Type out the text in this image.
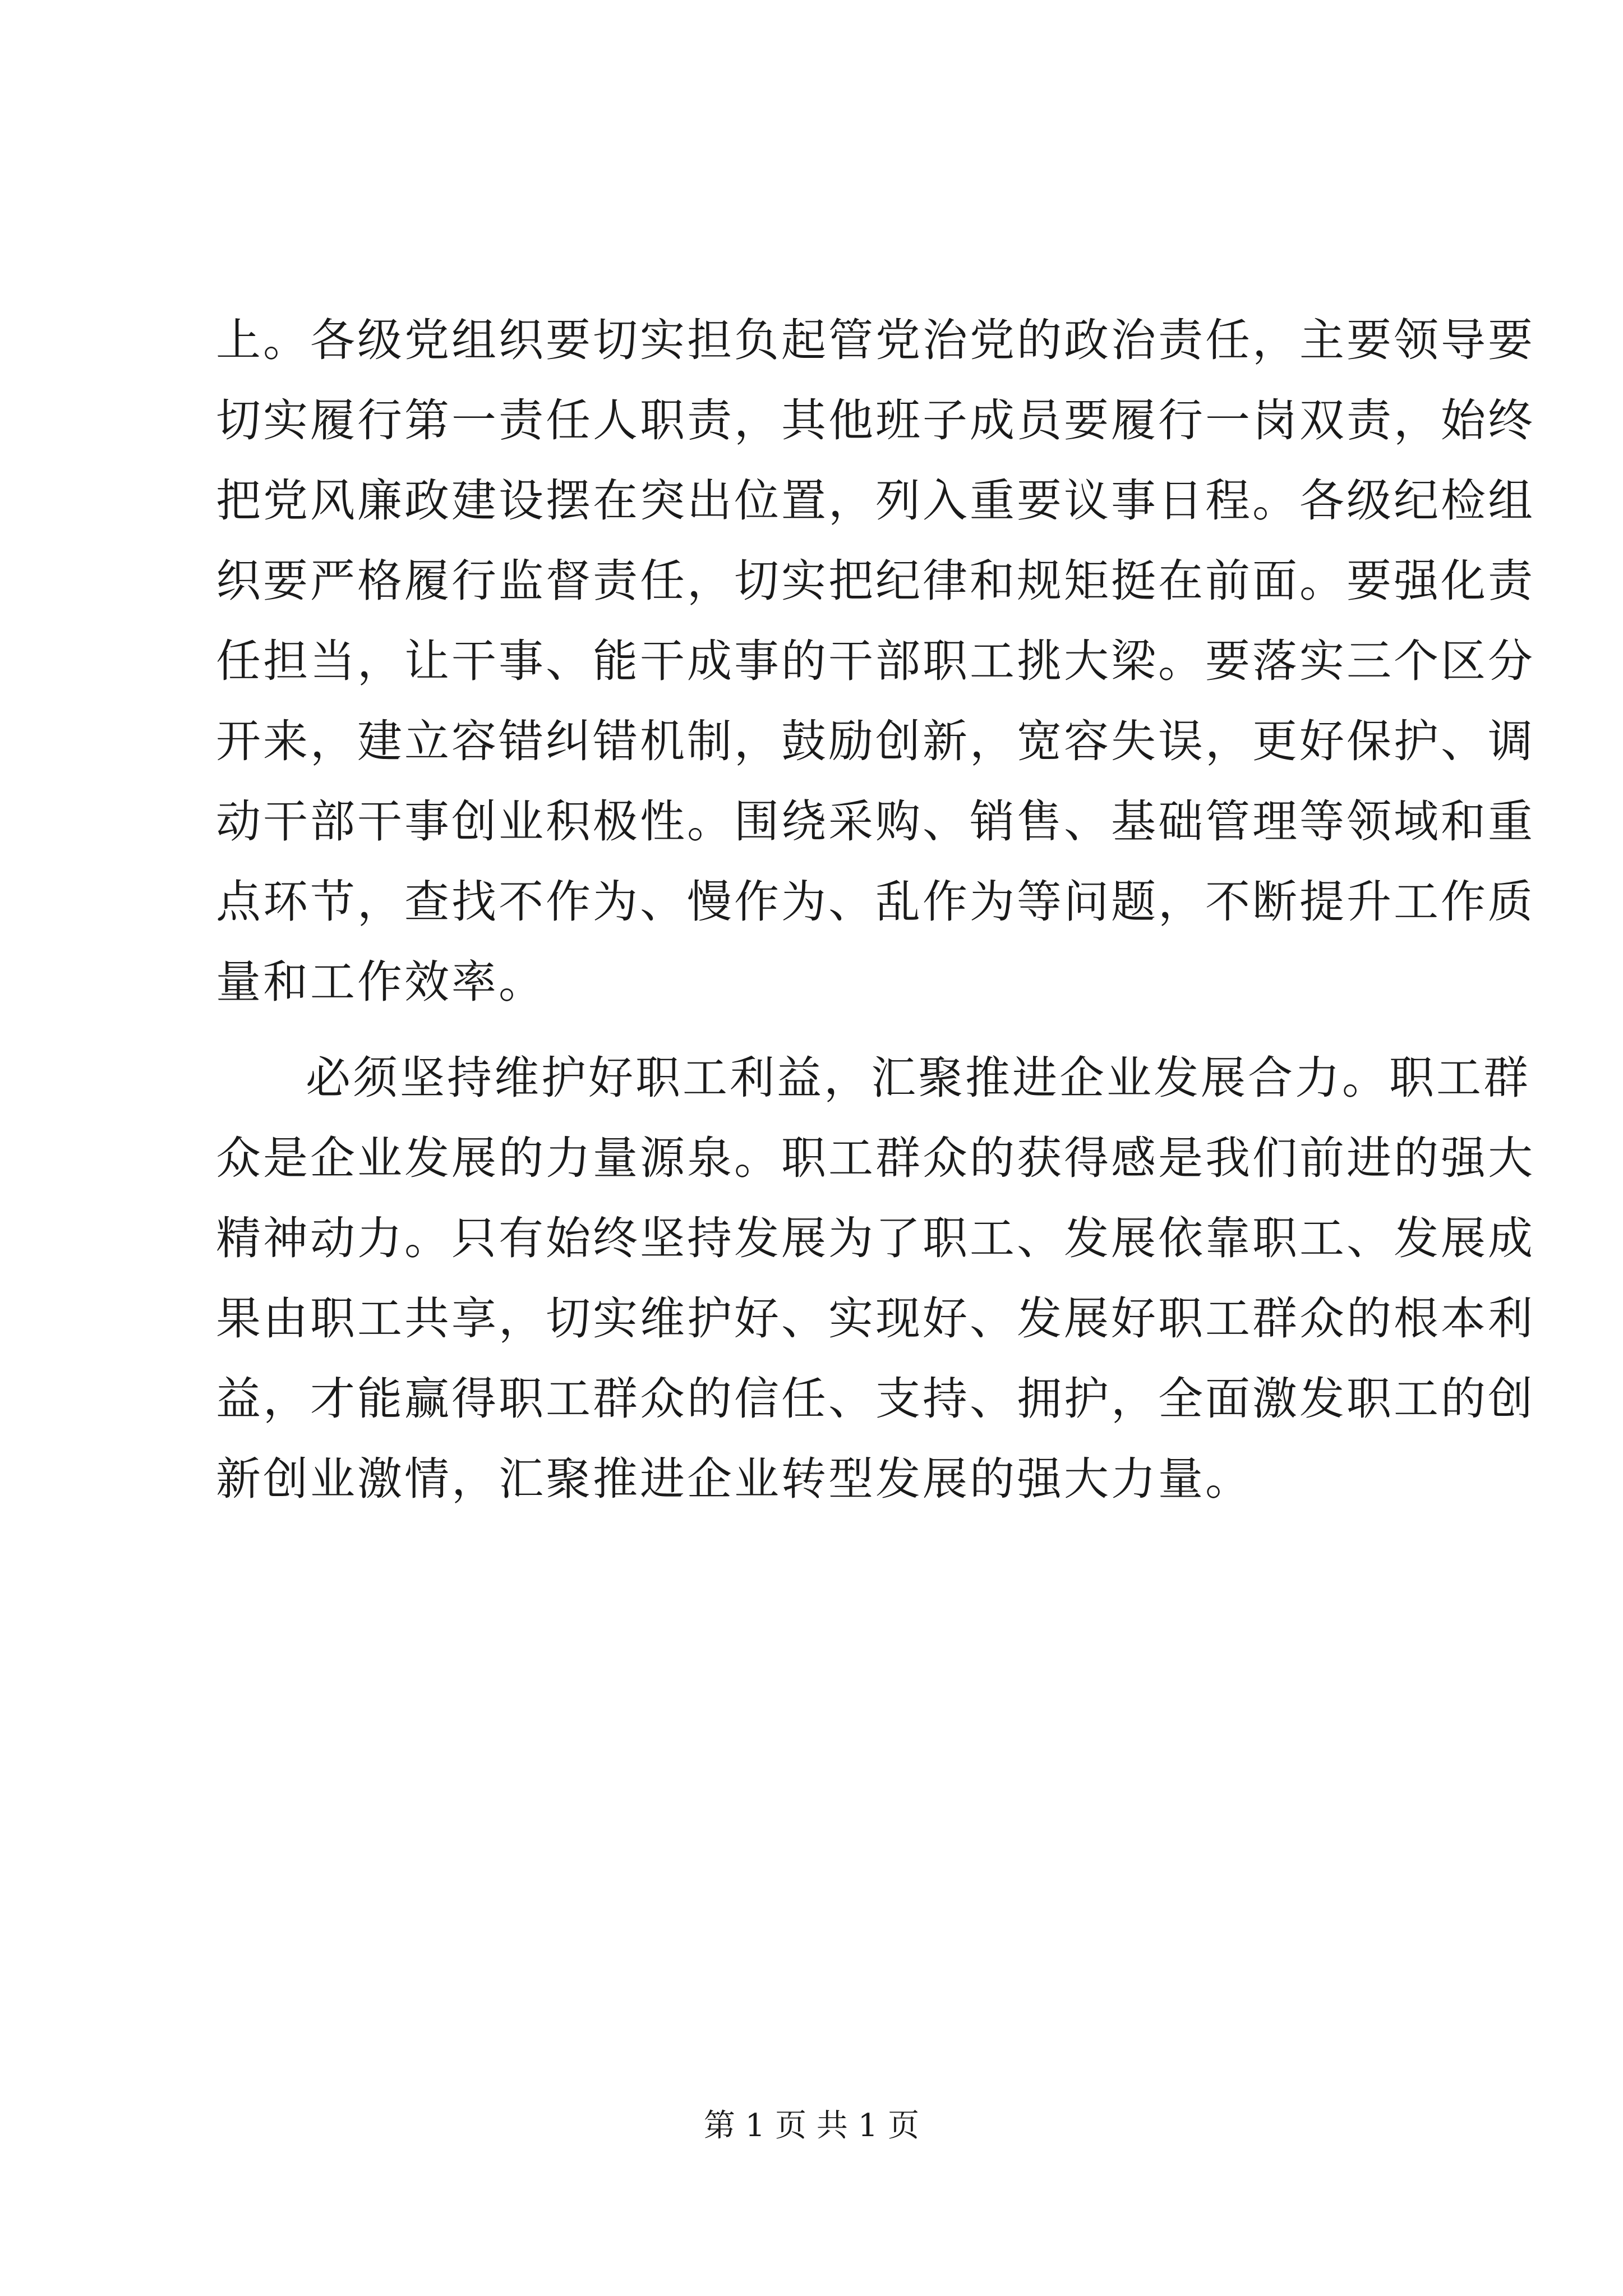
上。各级党组织要切实担负起管党治党的政治责任，主要领导要
切实履行第一责任人职责，其他班子成员要履行一岗双责，始终
把党风廉政建设摆在突出位置，列入重要议事日程。各级纪检组
织要严格履行监督责任，切实把纪律和规矩挺在前面。要强化责
任担当，让干事、能干成事的干部职工挑大梁。要落实三个区分
开来，建立容错纠错机制，鼓励创新，宽容失误，更好保护、调
动干部干事创业积极性。围绕采购、销售、基础管理等领域和重
点环节，查找不作为、慢作为、乱作为等问题，不断提升工作质
量和工作效率。
必须坚持维护好职工利益，汇聚推进企业发展合力。职工群
众是企业发展的力量源泉。职工群众的获得感是我们前进的强大
精神动力。只有始终坚持发展为了职工、发展依靠职工、发展成
果由职工共享，切实维护好、实现好、发展好职工群众的根本利
益，才能赢得职工群众的信任、支持、拥护，全面激发职工的创
新创业激情，汇聚推进企业转型发展的强大力量。
第 1 页 共 1 页
